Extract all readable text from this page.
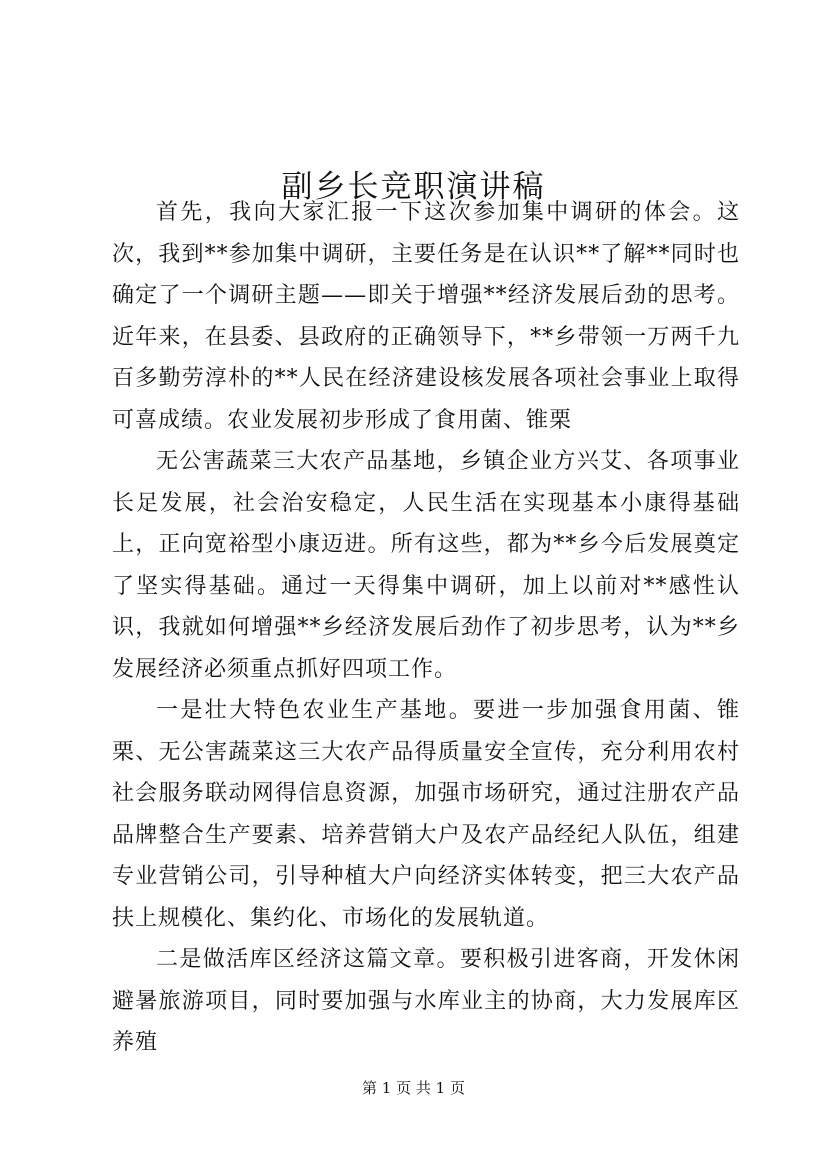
副乡长竞职演讲稿

首先，我向大家汇报一下这次参加集中调研的体会。这次，我到**参加集中调研，主要任务是在认识**了解**同时也确定了一个调研主题——即关于增强**经济发展后劲的思考。近年来，在县委、县政府的正确领导下，**乡带领一万两千九百多勤劳淳朴的**人民在经济建设核发展各项社会事业上取得可喜成绩。农业发展初步形成了食用菌、锥栗

无公害蔬菜三大农产品基地，乡镇企业方兴艾、各项事业长足发展，社会治安稳定，人民生活在实现基本小康得基础上，正向宽裕型小康迈进。所有这些，都为**乡今后发展奠定了坚实得基础。通过一天得集中调研，加上以前对**感性认识，我就如何增强**乡经济发展后劲作了初步思考，认为**乡发展经济必须重点抓好四项工作。

一是壮大特色农业生产基地。要进一步加强食用菌、锥栗、无公害蔬菜这三大农产品得质量安全宣传，充分利用农村社会服务联动网得信息资源，加强市场研究，通过注册农产品品牌整合生产要素、培养营销大户及农产品经纪人队伍，组建专业营销公司，引导种植大户向经济实体转变，把三大农产品扶上规模化、集约化、市场化的发展轨道。

二是做活库区经济这篇文章。要积极引进客商，开发休闲避暑旅游项目，同时要加强与水库业主的协商，大力发展库区养殖

第 1 页 共 1 页
